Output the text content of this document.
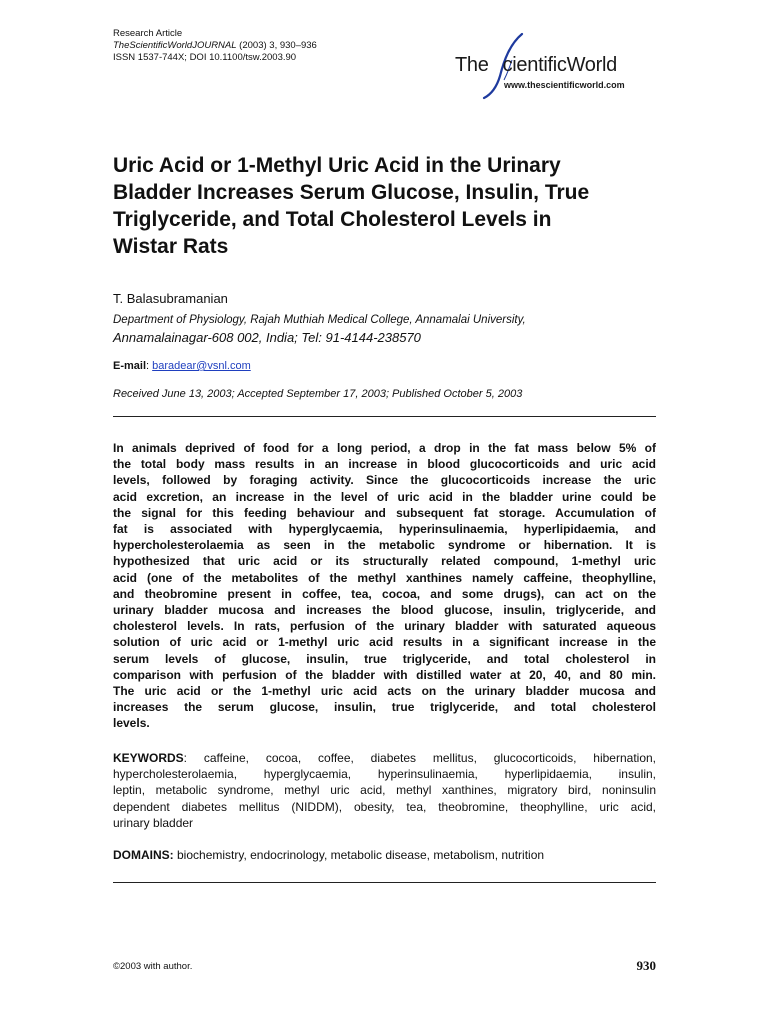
Research Article
TheScientificWorldJOURNAL (2003) 3, 930–936
ISSN 1537-744X; DOI 10.1100/tsw.2003.90	The cientificWorld
www.thescientificworld.com
Uric Acid or 1-Methyl Uric Acid in the Urinary
Bladder Increases Serum Glucose, Insulin, True
Triglyceride, and Total Cholesterol Levels in
Wistar Rats
T. Balasubramanian
Department of Physiology, Rajah Muthiah Medical College, Annamalai University,
Annamalainagar-608 002, India; Tel: 91-4144-238570
E-mail: baradear@vsnl.com
Received June 13, 2003; Accepted September 17, 2003; Published October 5, 2003
In animals deprived of food for a long period, a drop in the fat mass below 5% of
the total body mass results in an increase in blood glucocorticoids and uric acid
levels, followed by foraging activity. Since the glucocorticoids increase the uric
acid excretion, an increase in the level of uric acid in the bladder urine could be
the signal for this feeding behaviour and subsequent fat storage. Accumulation of
fat is associated with hyperglycaemia, hyperinsulinaemia, hyperlipidaemia, and
hypercholesterolaemia as seen in the metabolic syndrome or hibernation. It is
hypothesized that uric acid or its structurally related compound, 1-methyl uric
acid (one of the metabolites of the methyl xanthines namely caffeine, theophylline,
and theobromine present in coffee, tea, cocoa, and some drugs), can act on the
urinary bladder mucosa and increases the blood glucose, insulin, triglyceride, and
cholesterol levels. In rats, perfusion of the urinary bladder with saturated aqueous
solution of uric acid or 1-methyl uric acid results in a significant increase in the
serum levels of glucose, insulin, true triglyceride, and total cholesterol in
comparison with perfusion of the bladder with distilled water at 20, 40, and 80 min.
The uric acid or the 1-methyl uric acid acts on the urinary bladder mucosa and
increases the serum glucose, insulin, true triglyceride, and total cholesterol
levels.
KEYWORDS: caffeine, cocoa, coffee, diabetes mellitus, glucocorticoids, hibernation,
hypercholesterolaemia, hyperglycaemia, hyperinsulinaemia, hyperlipidaemia, insulin,
leptin, metabolic syndrome, methyl uric acid, methyl xanthines, migratory bird, noninsulin
dependent diabetes mellitus (NIDDM), obesity, tea, theobromine, theophylline, uric acid,
urinary bladder
DOMAINS: biochemistry, endocrinology, metabolic disease, metabolism, nutrition
©2003 with author.	930
